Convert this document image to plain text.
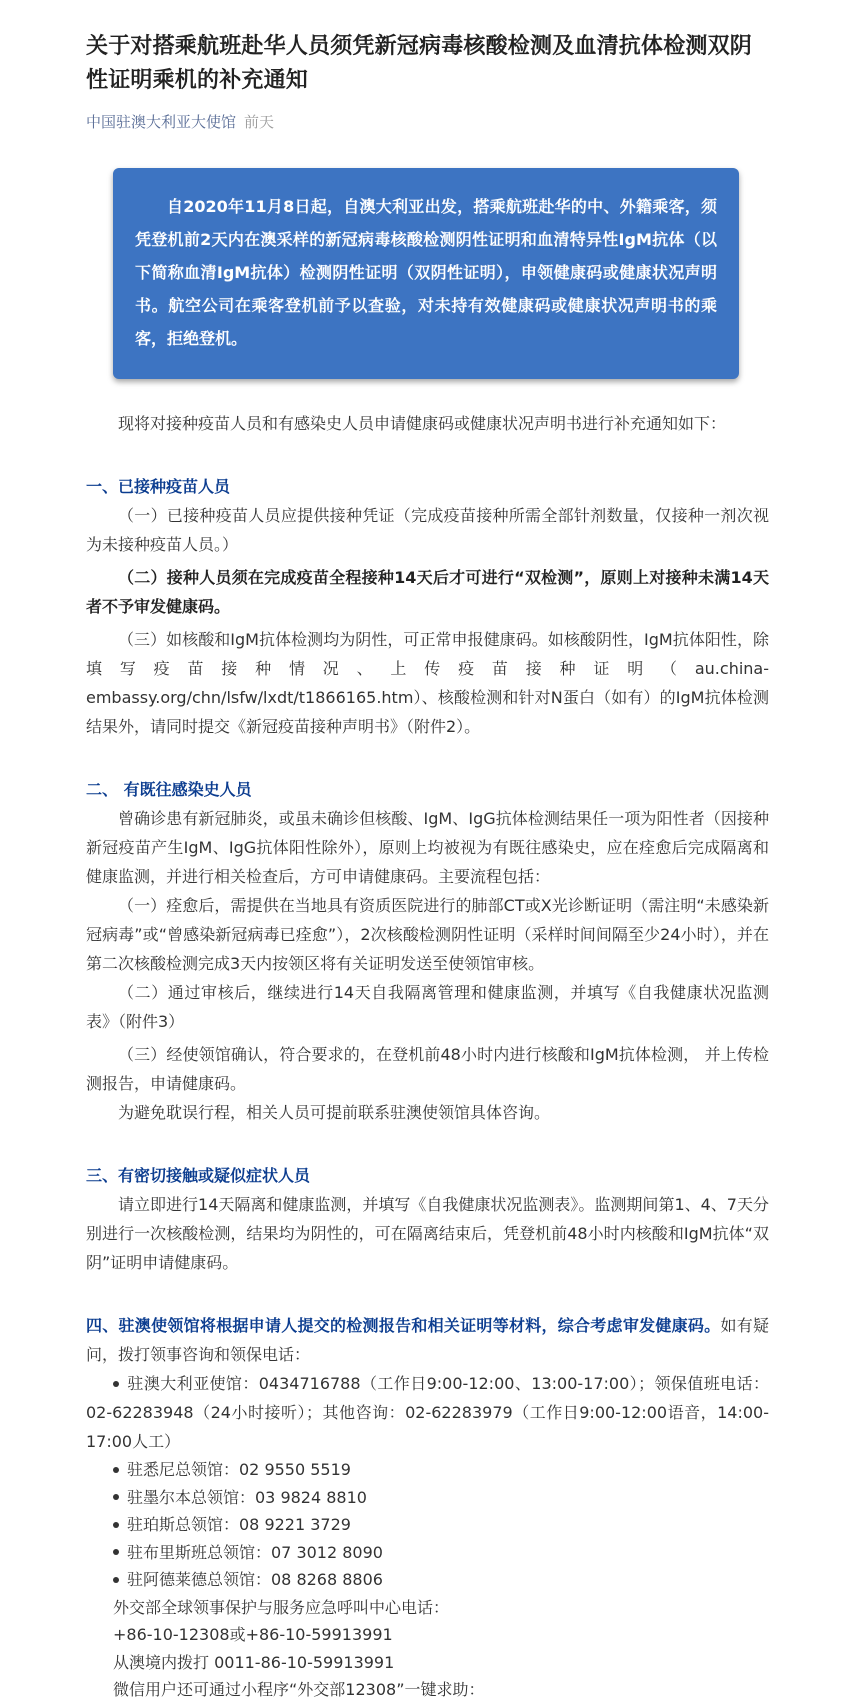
关于对搭乘航班赴华人员须凭新冠病毒核酸检测及血清抗体检测双阴性证明乘机的补充通知
中国驻澳大利亚大使馆 前天
自2020年11月8日起，自澳大利亚出发，搭乘航班赴华的中、外籍乘客，须凭登机前2天内在澳采样的新冠病毒核酸检测阴性证明和血清特异性IgM抗体（以下简称血清IgM抗体）检测阴性证明（双阴性证明），申领健康码或健康状况声明书。航空公司在乘客登机前予以查验，对未持有效健康码或健康状况声明书的乘客，拒绝登机。

现将对接种疫苗人员和有感染史人员申请健康码或健康状况声明书进行补充通知如下：

一、已接种疫苗人员

（一）已接种疫苗人员应提供接种凭证（完成疫苗接种所需全部针剂数量，仅接种一剂次视为未接种疫苗人员。）

（二）接种人员须在完成疫苗全程接种14天后才可进行“双检测”，原则上对接种未满14天者不予审发健康码。

（三）如核酸和IgM抗体检测均为阴性，可正常申报健康码。如核酸阴性，IgM抗体阳性，除填写疫苗接种情况、上传疫苗接种证明（au.china-embassy.org/chn/lsfw/lxdt/t1866165.htm）、核酸检测和针对N蛋白（如有）的IgM抗体检测结果外，请同时提交《新冠疫苗接种声明书》（附件2）。

二、 有既往感染史人员

曾确诊患有新冠肺炎，或虽未确诊但核酸、IgM、IgG抗体检测结果任一项为阳性者（因接种新冠疫苗产生IgM、IgG抗体阳性除外），原则上均被视为有既往感染史，应在痊愈后完成隔离和健康监测，并进行相关检查后，方可申请健康码。主要流程包括：

（一）痊愈后，需提供在当地具有资质医院进行的肺部CT或X光诊断证明（需注明“未感染新冠病毒”或“曾感染新冠病毒已痊愈”），2次核酸检测阴性证明（采样时间间隔至少24小时），并在第二次核酸检测完成3天内按领区将有关证明发送至使领馆审核。

（二）通过审核后，继续进行14天自我隔离管理和健康监测，并填写《自我健康状况监测表》（附件3）

（三）经使领馆确认，符合要求的，在登机前48小时内进行核酸和IgM抗体检测， 并上传检测报告，申请健康码。

为避免耽误行程，相关人员可提前联系驻澳使领馆具体咨询。

三、有密切接触或疑似症状人员

请立即进行14天隔离和健康监测，并填写《自我健康状况监测表》。监测期间第1、4、7天分别进行一次核酸检测，结果均为阴性的，可在隔离结束后，凭登机前48小时内核酸和IgM抗体“双阴”证明申请健康码。

四、驻澳使领馆将根据申请人提交的检测报告和相关证明等材料，综合考虑审发健康码。如有疑问，拨打领事咨询和领保电话：

驻澳大利亚使馆：0434716788（工作日9:00-12:00、13:00-17:00）；领保值班电话：02-62283948（24小时接听）；其他咨询：02-62283979（工作日9:00-12:00语音，14:00-17:00人工）
驻悉尼总领馆：02 9550 5519
驻墨尔本总领馆：03 9824 8810
驻珀斯总领馆：08 9221 3729
驻布里斯班总领馆：07 3012 8090
驻阿德莱德总领馆：08 8268 8806
外交部全球领事保护与服务应急呼叫中心电话：
+86-10-12308或+86-10-59913991
从澳境内拨打 0011-86-10-59913991
微信用户还可通过小程序“外交部12308”一键求助：
